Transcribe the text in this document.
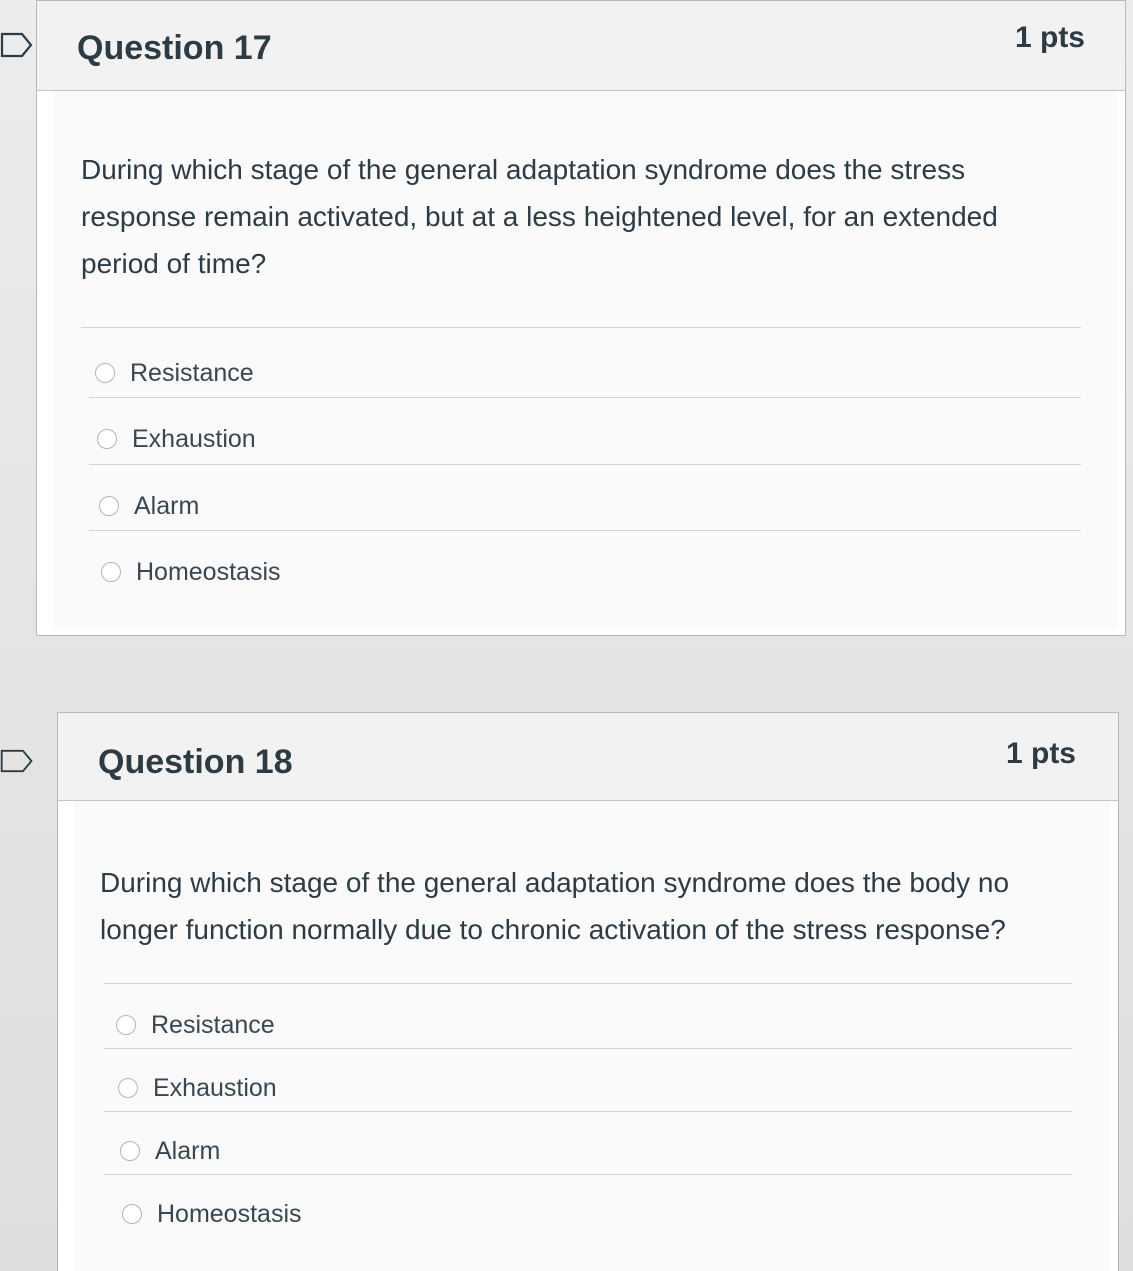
Question 17	1 pts
During which stage of the general adaptation syndrome does the stress response remain activated, but at a less heightened level, for an extended period of time?
Resistance
Exhaustion
Alarm
Homeostasis
Question 18	1 pts
During which stage of the general adaptation syndrome does the body no longer function normally due to chronic activation of the stress response?
Resistance
Exhaustion
Alarm
Homeostasis
